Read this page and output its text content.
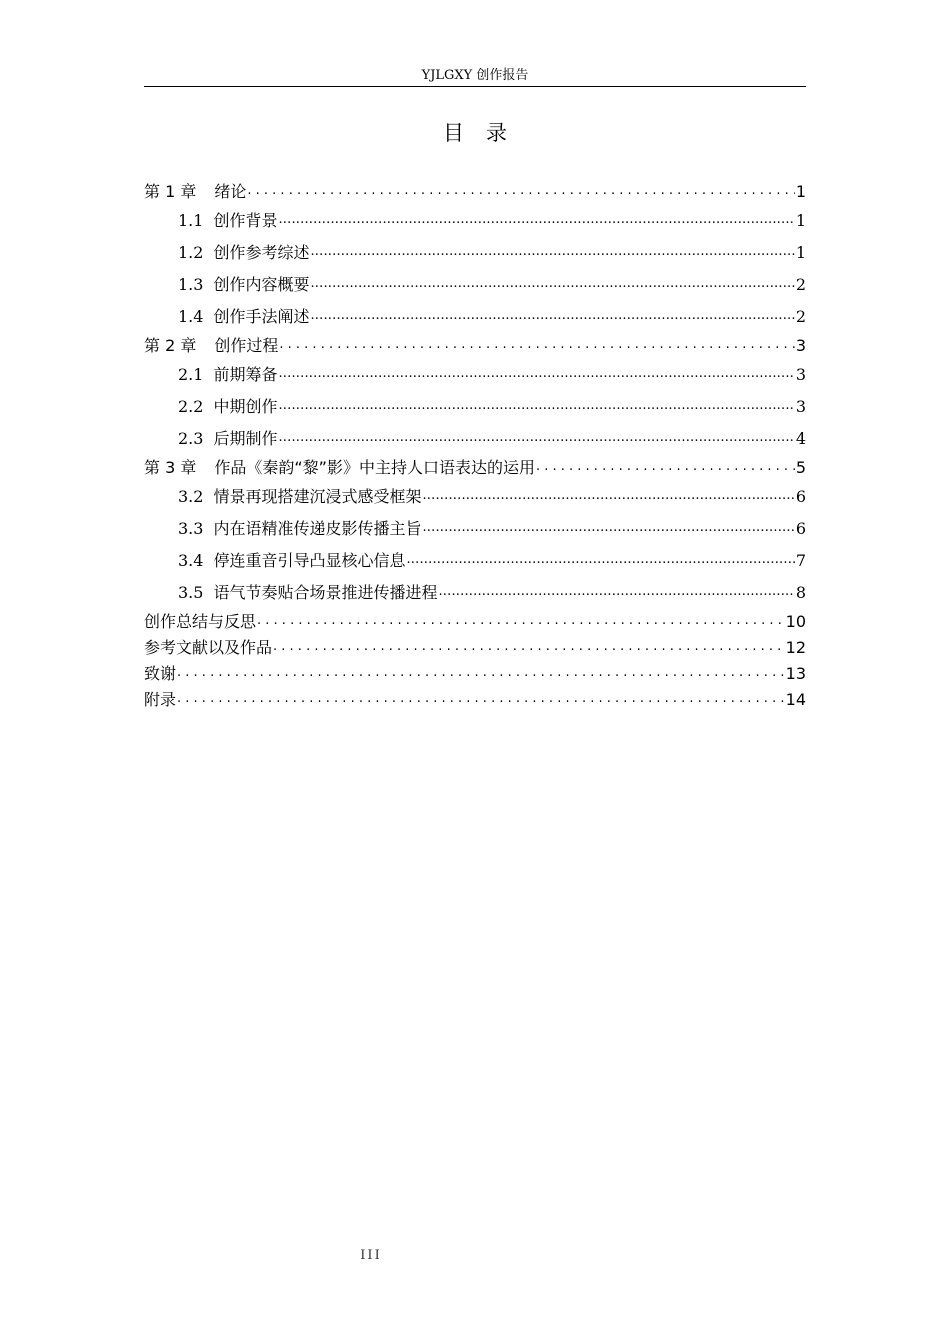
YJLGXY 创作报告
目录
第 1 章 绪论 . . .	1
1.1 创作背景 .....	1
1.2 创作参考综述 .....	1
1.3 创作内容概要 .....	2
1.4 创作手法阐述 .....	2
第 2 章 创作过程 . . .	3
2.1 前期筹备 .....	3
2.2 中期创作 .....	3
2.3 后期制作 .....	4
第 3 章 作品《秦韵“黎”影》中主持人口语表达的运用 . . .	5
3.2 情景再现搭建沉浸式感受框架 .....	6
3.3 内在语精准传递皮影传播主旨 .....	6
3.4 停连重音引导凸显核心信息 .....	7
3.5 语气节奏贴合场景推进传播进程 .....	8
创作总结与反思 . . .	10
参考文献以及作品 . . .	12
致谢 . . .	13
附录 . . .	14
III
